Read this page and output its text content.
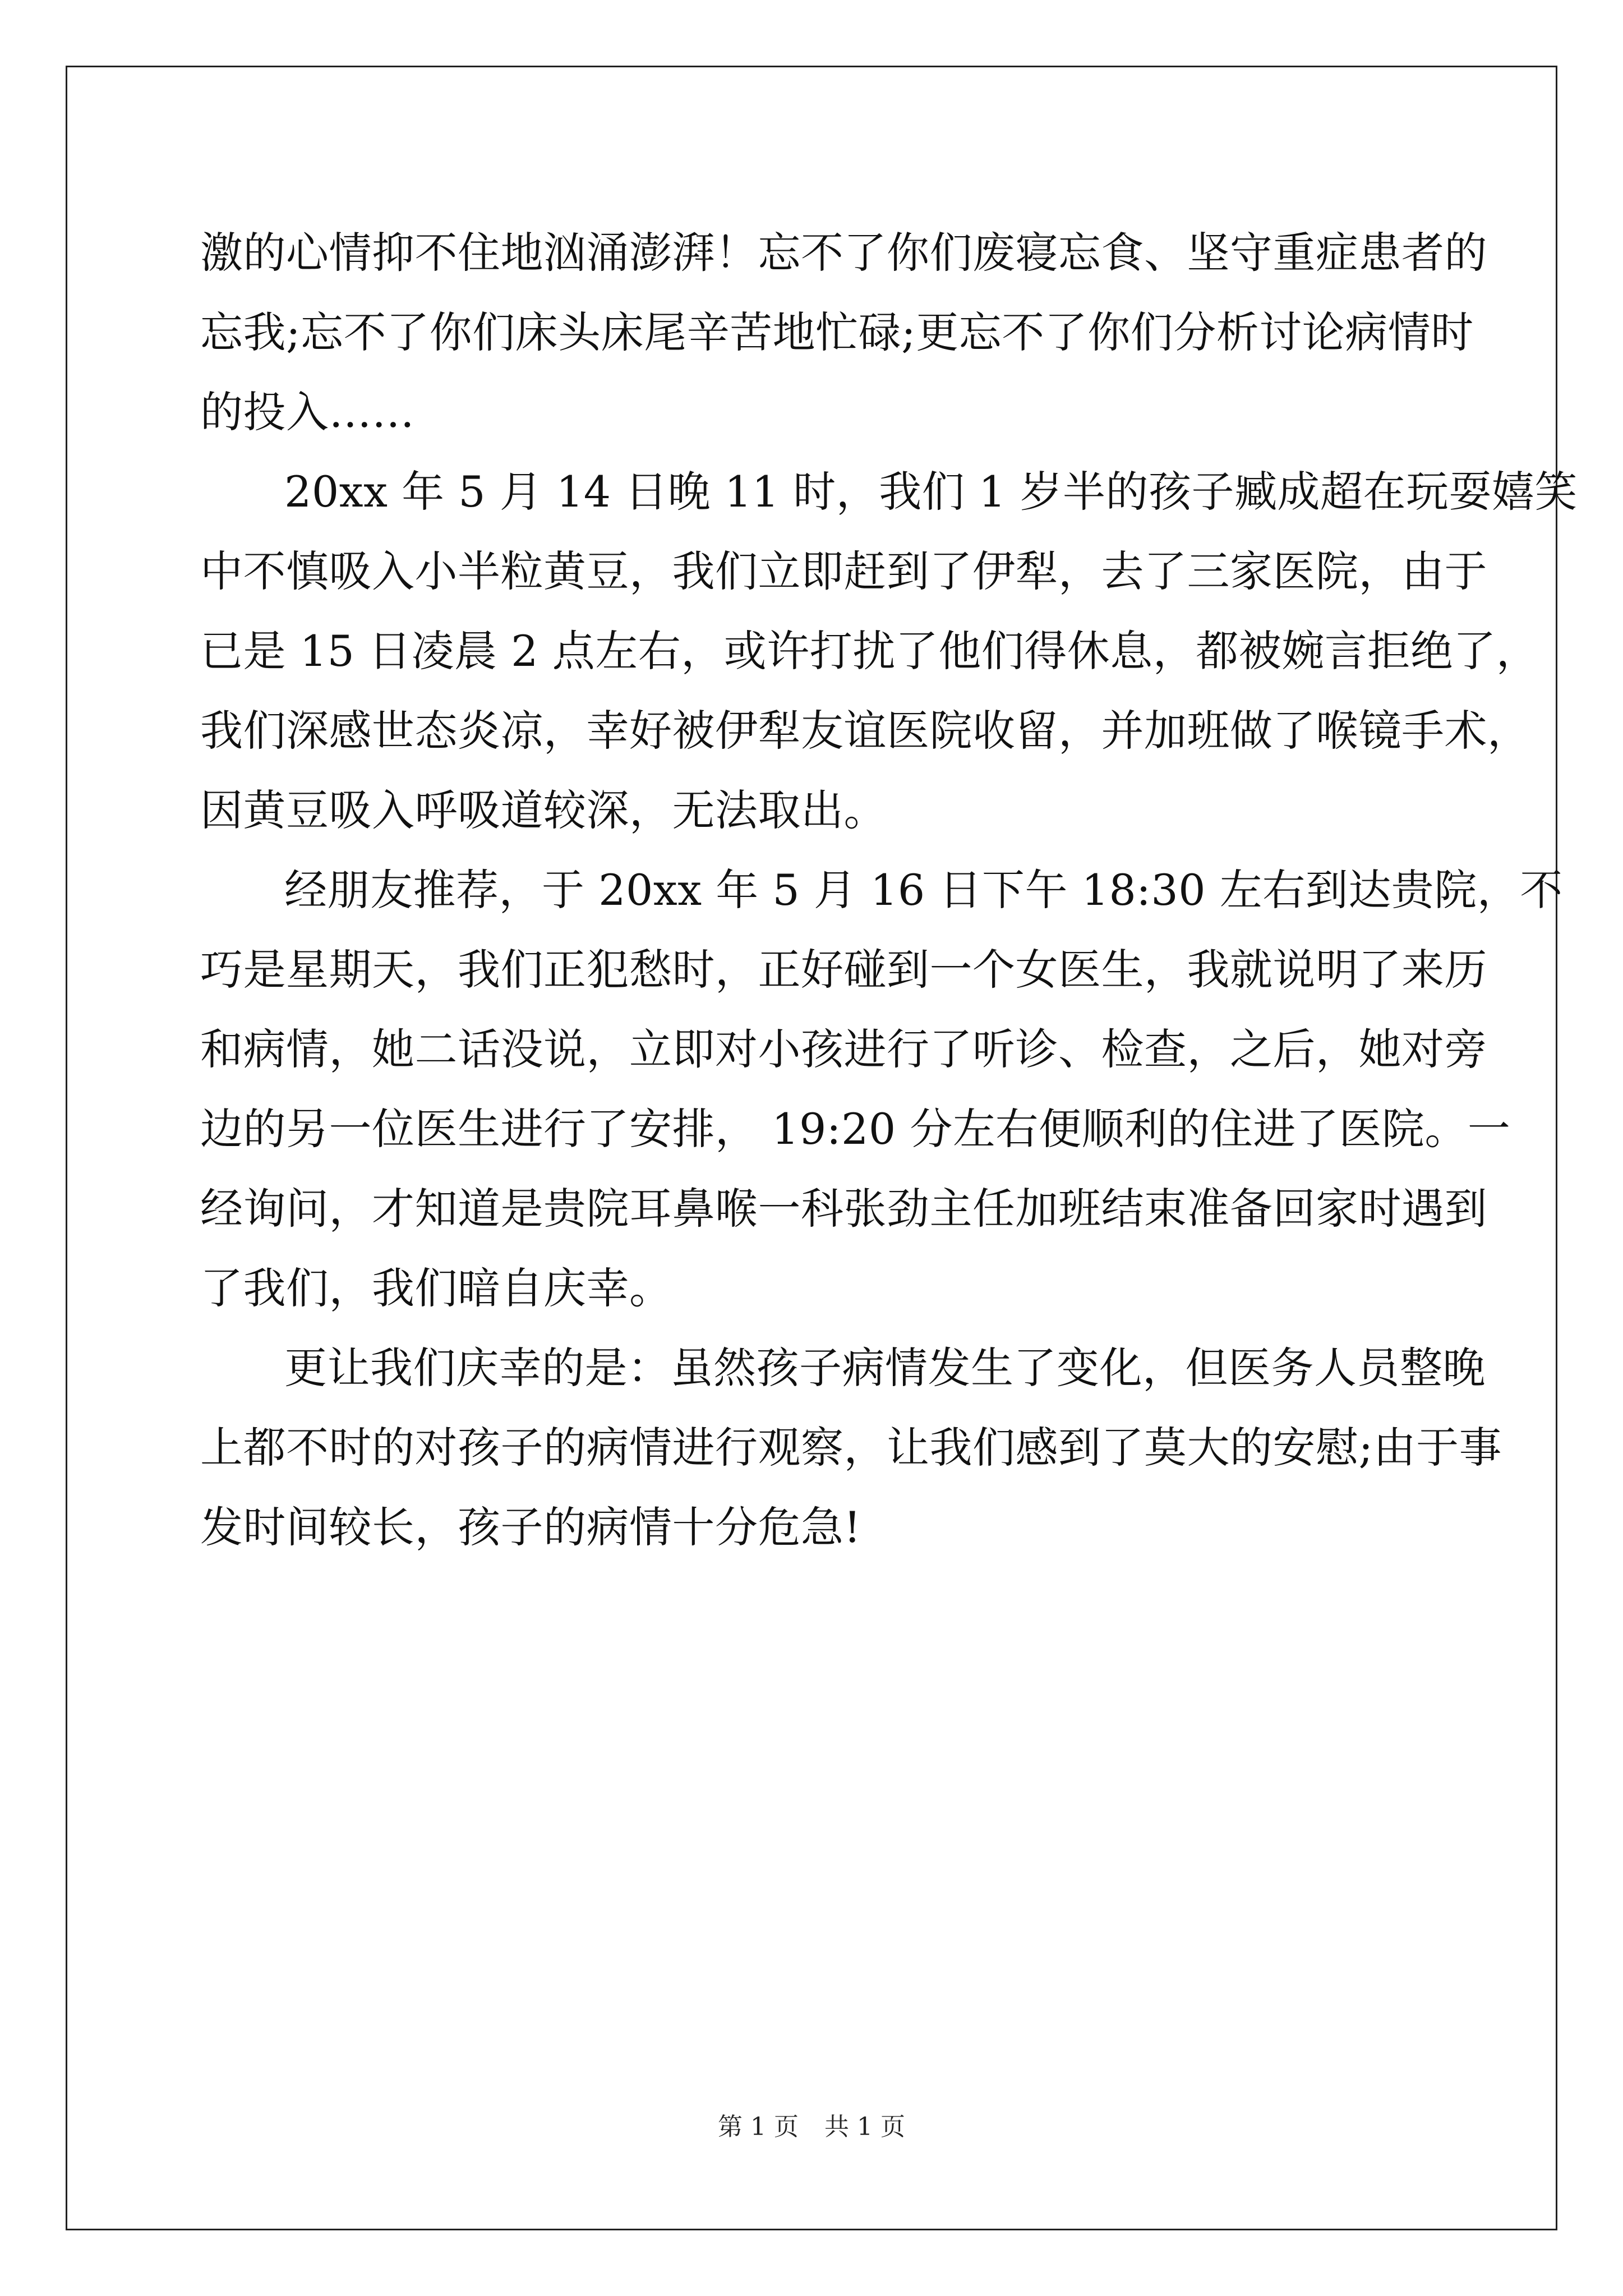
激的心情抑不住地汹涌澎湃！忘不了你们废寝忘食、坚守重症患者的
忘我;忘不了你们床头床尾辛苦地忙碌;更忘不了你们分析讨论病情时
的投入……
20xx 年 5 月 14 日晚 11 时，我们 1 岁半的孩子臧成超在玩耍嬉笑
中不慎吸入小半粒黄豆，我们立即赶到了伊犁，去了三家医院，由于
已是 15 日凌晨 2 点左右，或许打扰了他们得休息，都被婉言拒绝了，
我们深感世态炎凉，幸好被伊犁友谊医院收留，并加班做了喉镜手术，
因黄豆吸入呼吸道较深，无法取出。
经朋友推荐，于 20xx 年 5 月 16 日下午 18:30 左右到达贵院，不
巧是星期天，我们正犯愁时，正好碰到一个女医生，我就说明了来历
和病情，她二话没说，立即对小孩进行了听诊、检查，之后，她对旁
边的另一位医生进行了安排， 19:20 分左右便顺利的住进了医院。一
经询问，才知道是贵院耳鼻喉一科张劲主任加班结束准备回家时遇到
了我们，我们暗自庆幸。
更让我们庆幸的是：虽然孩子病情发生了变化，但医务人员整晚
上都不时的对孩子的病情进行观察，让我们感到了莫大的安慰;由于事
发时间较长，孩子的病情十分危急!
第 1 页 共 1 页
